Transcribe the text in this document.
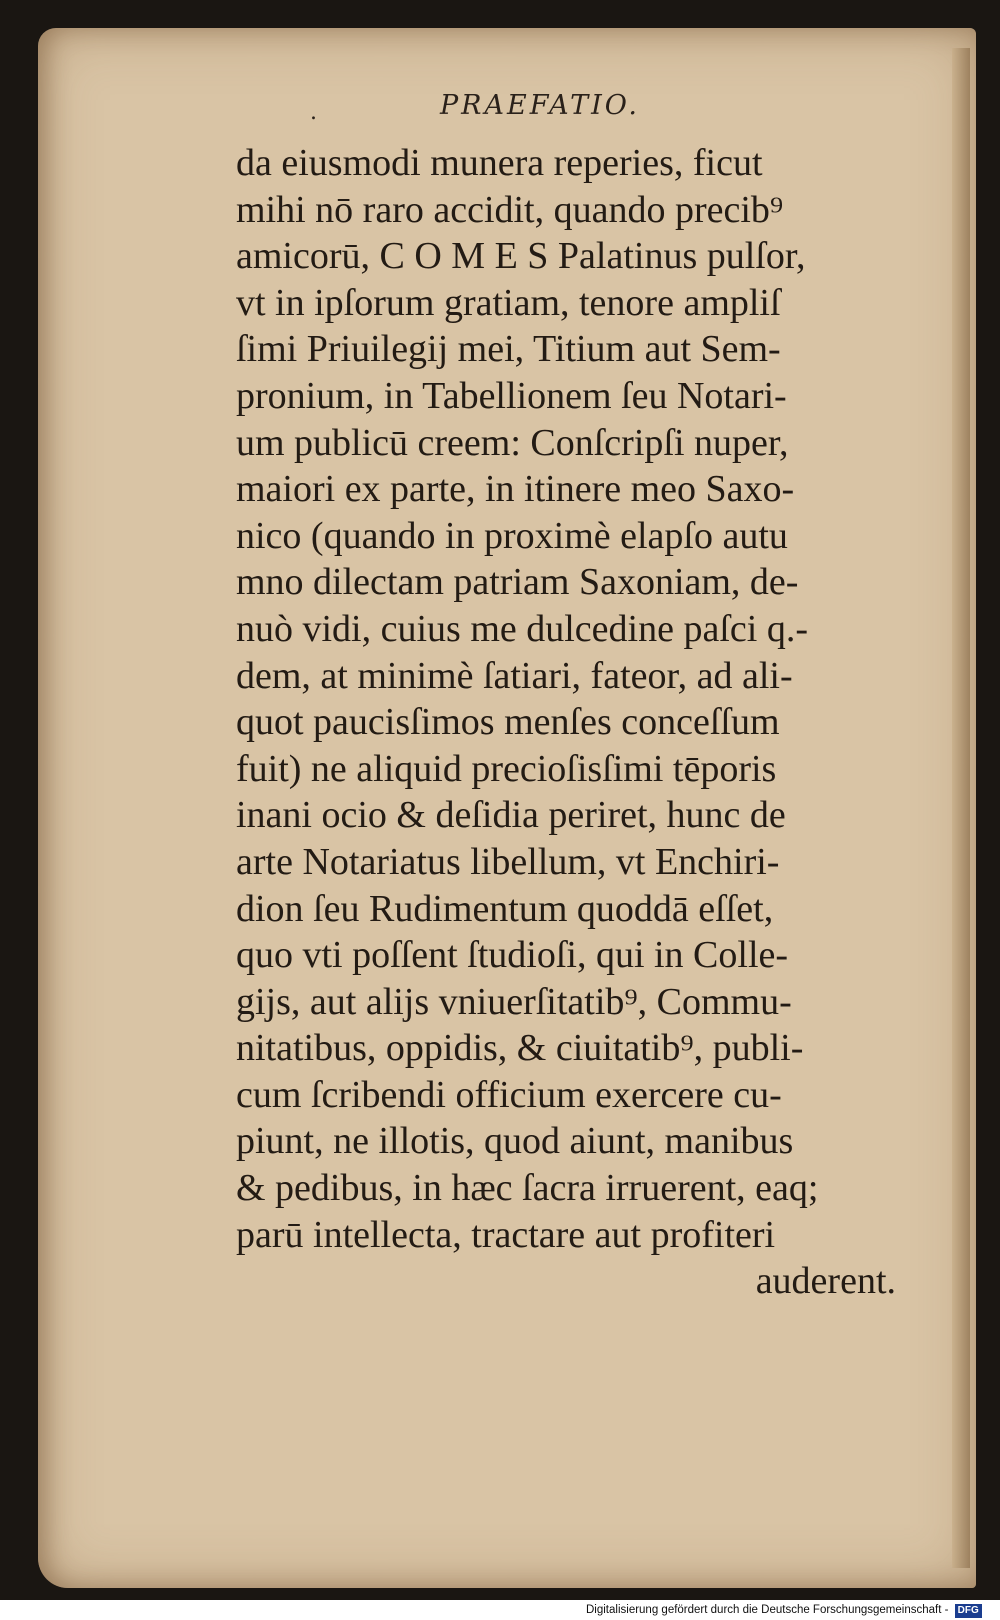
.	PRAEFATIO.
da eiusmodi munera reperies, ficut
mihi nō raro accidit, quando precib⁹
amicorū, C O M E S Palatinus pulſor,
vt in ipſorum gratiam, tenore ampliſ
ſimi Priuilegij mei, Titium aut Sem-
pronium, in Tabellionem ſeu Notari-
um publicū creem: Conſcripſi nuper,
maiori ex parte, in itinere meo Saxo-
nico (quando in proximè elapſo autu
mno dilectam patriam Saxoniam, de-
nuò vidi, cuius me dulcedine paſci q.-
dem, at minimè ſatiari, fateor, ad ali-
quot paucisſimos menſes conceſſum
fuit) ne aliquid precioſisſimi tēporis
inani ocio & deſidia periret, hunc de
arte Notariatus libellum, vt Enchiri-
dion ſeu Rudimentum quoddā eſſet,
quo vti poſſent ſtudioſi, qui in Colle-
gijs, aut alijs vniuerſitatib⁹, Commu-
nitatibus, oppidis, & ciuitatib⁹, publi-
cum ſcribendi officium exercere cu-
piunt, ne illotis, quod aiunt, manibus
& pedibus, in hæc ſacra irruerent, eaq;
parū intellecta, tractare aut profiteri
auderent.
Digitalisierung gefördert durch die Deutsche Forschungsgemeinschaft - DFG
